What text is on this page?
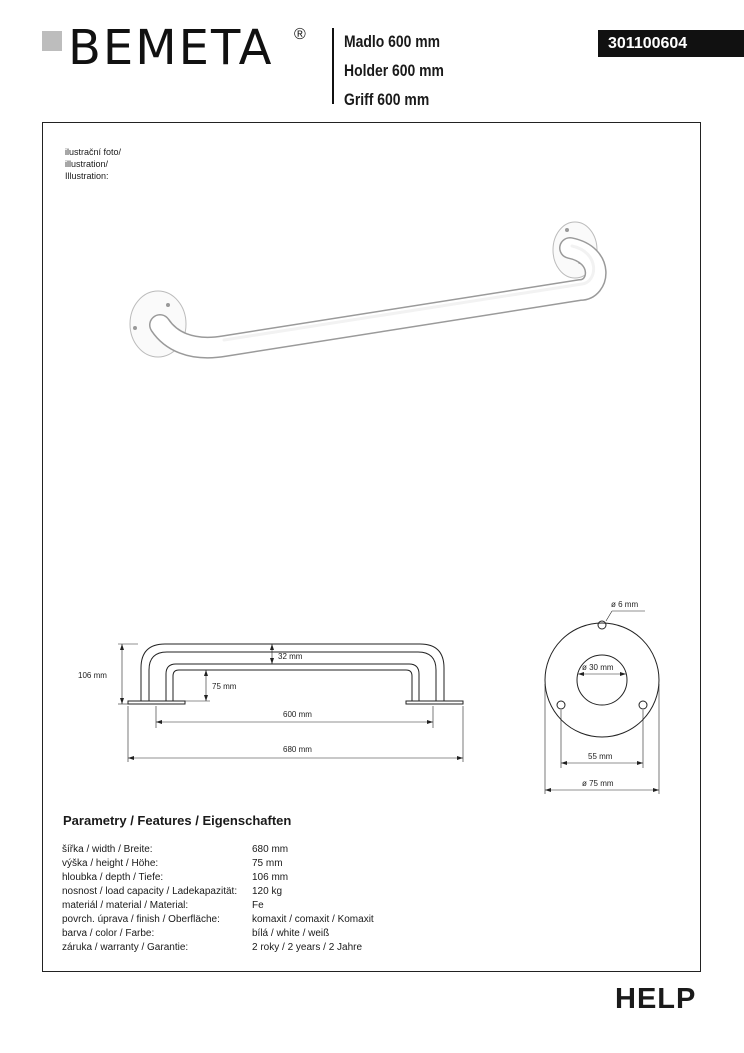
BEMETA ® Madlo 600 mm
Holder 600 mm
Griff 600 mm
301100604
ilustrační foto/
illustration/
Illustration:
106 mm
32 mm
75 mm
600 mm
680 mm
ø 6 mm
ø 30 mm
55 mm
ø 75 mm
Parametry / Features / Eigenschaften
šířka / width / Breite:	680 mm
výška / height / Höhe:	75 mm
hloubka / depth / Tiefe:	106 mm
nosnost / load capacity / Ladekapazität: 120 kg
materiál / material / Material:	Fe
povrch. úprava / finish / Oberfläche:	komaxit / comaxit / Komaxit
barva / color / Farbe:	bílá / white / weiß
záruka / warranty / Garantie:	2 roky / 2 years / 2 Jahre
HELP
